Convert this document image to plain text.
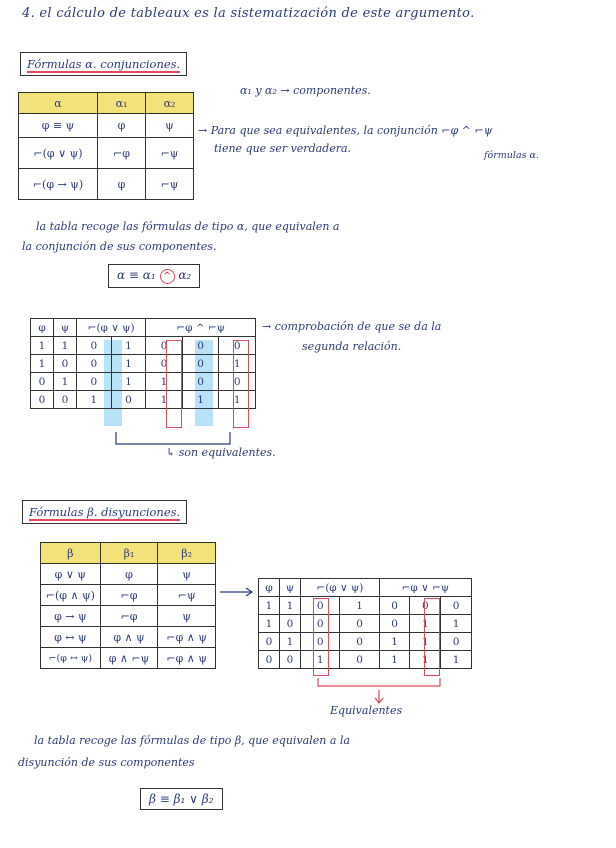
4. el cálculo de tableaux es la sistematización de este argumento.
Fórmulas α. conjunciones.
α	α₁	α₂
φ ≡ ψ	φ	ψ
⌐(φ ∨ ψ)	⌐φ	⌐ψ
⌐(φ → ψ)	φ	⌐ψ
α₁ y α₂ → componentes.
→ Para que sea equivalentes, la conjunción ⌐φ ^ ⌐ψ
tiene que ser verdadera.
fórmulas α.
la tabla recoge las fórmulas de tipo α, que equivalen a
la conjunción de sus componentes.
α ≡ α₁ ^ α₂
φ	ψ	⌐(φ ∨ ψ)		⌐φ ^ ⌐ψ		
1	1	0	1	0	0	0
1	0	0	1	0	0	1
0	1	0	1	1	0	0
0	0	1	0	1	1	1
→ comprobación de que se da la
segunda relación.
↳ son equivalentes.
Fórmulas β. disyunciones.
β	β₁	β₂
φ ∨ ψ	φ	ψ
⌐(φ ∧ ψ)	⌐φ	⌐ψ
φ → ψ	⌐φ	ψ
φ ↔ ψ	φ ∧ ψ	⌐φ ∧ ψ
⌐(φ ↔ ψ)	φ ∧ ⌐ψ	⌐φ ∧ ψ
φ	ψ	⌐(φ ∨ ψ)		⌐φ ∨ ⌐ψ		
1	1	0	1	0	0	0
1	0	0	0	0	1	1
0	1	0	0	1	1	0
0	0	1	0	1	1	1
Equivalentes
la tabla recoge las fórmulas de tipo β, que equivalen a la
disyunción de sus componentes
β ≡ β₁ ∨ β₂
